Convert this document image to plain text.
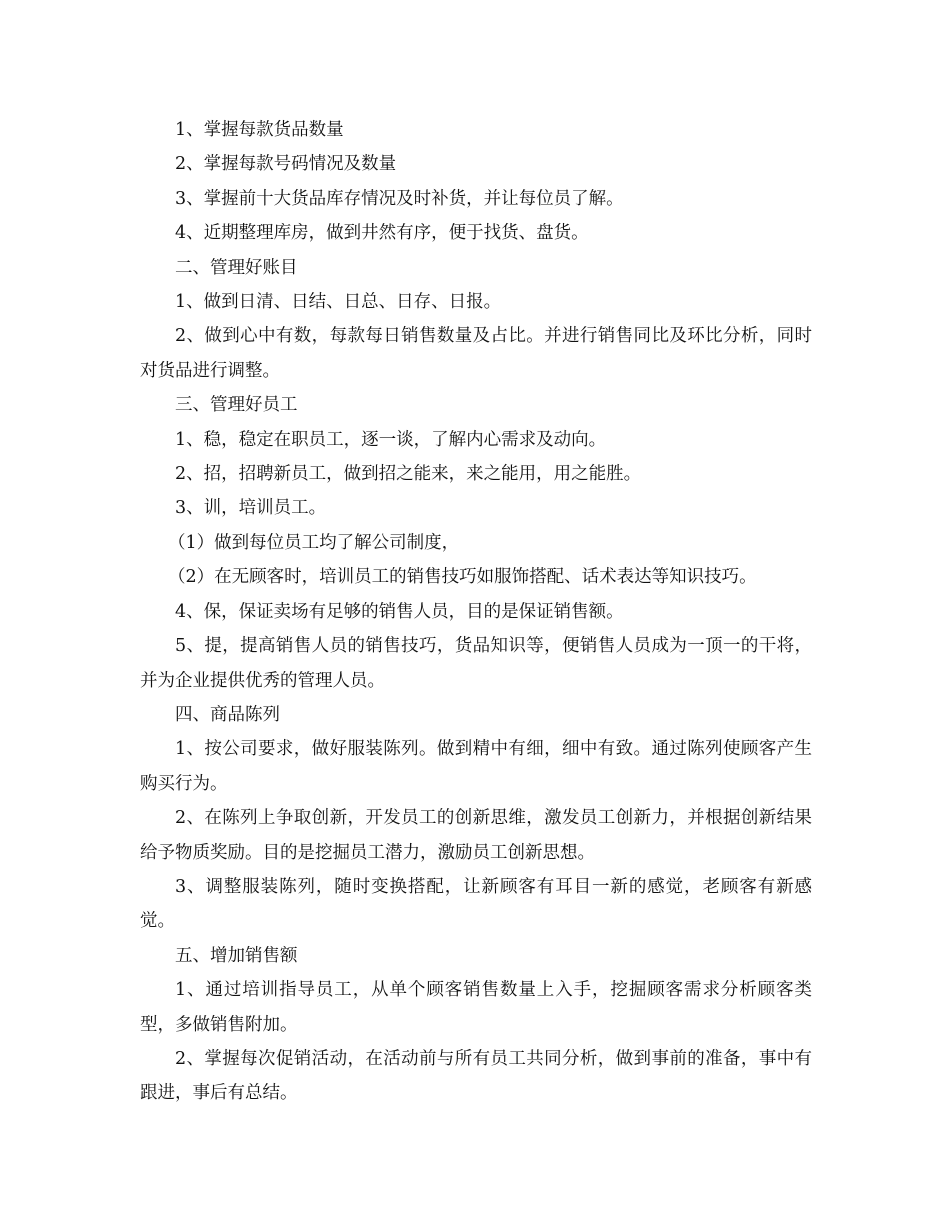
1、掌握每款货品数量

2、掌握每款号码情况及数量

3、掌握前十大货品库存情况及时补货，并让每位员了解。

4、近期整理库房，做到井然有序，便于找货、盘货。

二、管理好账目

1、做到日清、日结、日总、日存、日报。

2、做到心中有数，每款每日销售数量及占比。并进行销售同比及环比分析，同时对货品进行调整。

三、管理好员工

1、稳，稳定在职员工，逐一谈，了解内心需求及动向。

2、招，招聘新员工，做到招之能来，来之能用，用之能胜。

3、训，培训员工。

（1）做到每位员工均了解公司制度，

（2）在无顾客时，培训员工的销售技巧如服饰搭配、话术表达等知识技巧。

4、保，保证卖场有足够的销售人员，目的是保证销售额。

5、提，提高销售人员的销售技巧，货品知识等，便销售人员成为一顶一的干将，并为企业提供优秀的管理人员。

四、商品陈列

1、按公司要求，做好服装陈列。做到精中有细，细中有致。通过陈列使顾客产生购买行为。

2、在陈列上争取创新，开发员工的创新思维，激发员工创新力，并根据创新结果给予物质奖励。目的是挖掘员工潜力，激励员工创新思想。

3、调整服装陈列，随时变换搭配，让新顾客有耳目一新的感觉，老顾客有新感觉。

五、增加销售额

1、通过培训指导员工，从单个顾客销售数量上入手，挖掘顾客需求分析顾客类型，多做销售附加。

2、掌握每次促销活动，在活动前与所有员工共同分析，做到事前的准备，事中有跟进，事后有总结。
